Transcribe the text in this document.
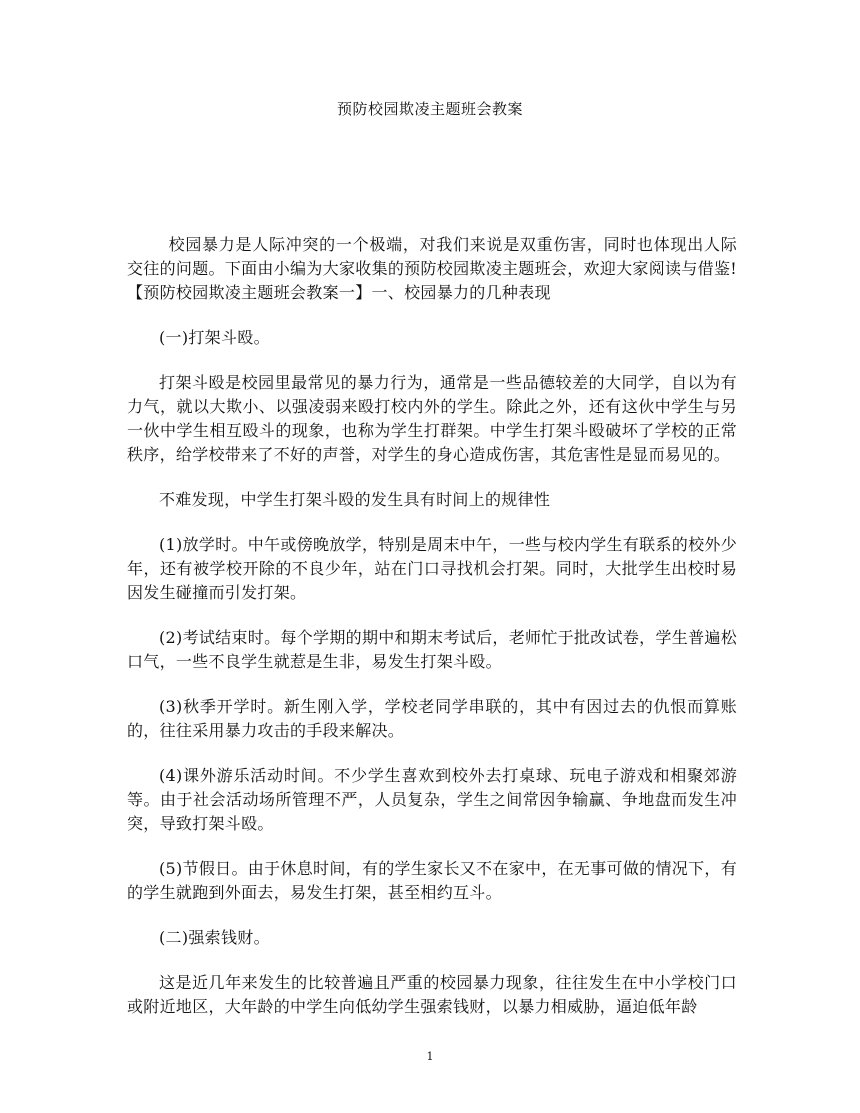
预防校园欺凌主题班会教案

校园暴力是人际冲突的一个极端，对我们来说是双重伤害，同时也体现出人际交往的问题。下面由小编为大家收集的预防校园欺凌主题班会，欢迎大家阅读与借鉴!【预防校园欺凌主题班会教案一】一、校园暴力的几种表现

(一)打架斗殴。

打架斗殴是校园里最常见的暴力行为，通常是一些品德较差的大同学，自以为有力气，就以大欺小、以强凌弱来殴打校内外的学生。除此之外，还有这伙中学生与另一伙中学生相互殴斗的现象，也称为学生打群架。中学生打架斗殴破坏了学校的正常秩序，给学校带来了不好的声誉，对学生的身心造成伤害，其危害性是显而易见的。

不难发现，中学生打架斗殴的发生具有时间上的规律性

(1)放学时。中午或傍晚放学，特别是周末中午，一些与校内学生有联系的校外少年，还有被学校开除的不良少年，站在门口寻找机会打架。同时，大批学生出校时易因发生碰撞而引发打架。

(2)考试结束时。每个学期的期中和期末考试后，老师忙于批改试卷，学生普遍松口气，一些不良学生就惹是生非，易发生打架斗殴。

(3)秋季开学时。新生刚入学，学校老同学串联的，其中有因过去的仇恨而算账的，往往采用暴力攻击的手段来解决。

(4)课外游乐活动时间。不少学生喜欢到校外去打桌球、玩电子游戏和相聚郊游等。由于社会活动场所管理不严，人员复杂，学生之间常因争输赢、争地盘而发生冲突，导致打架斗殴。

(5)节假日。由于休息时间，有的学生家长又不在家中，在无事可做的情况下，有的学生就跑到外面去，易发生打架，甚至相约互斗。

(二)强索钱财。

这是近几年来发生的比较普遍且严重的校园暴力现象，往往发生在中小学校门口或附近地区，大年龄的中学生向低幼学生强索钱财，以暴力相威胁，逼迫低年龄

1
